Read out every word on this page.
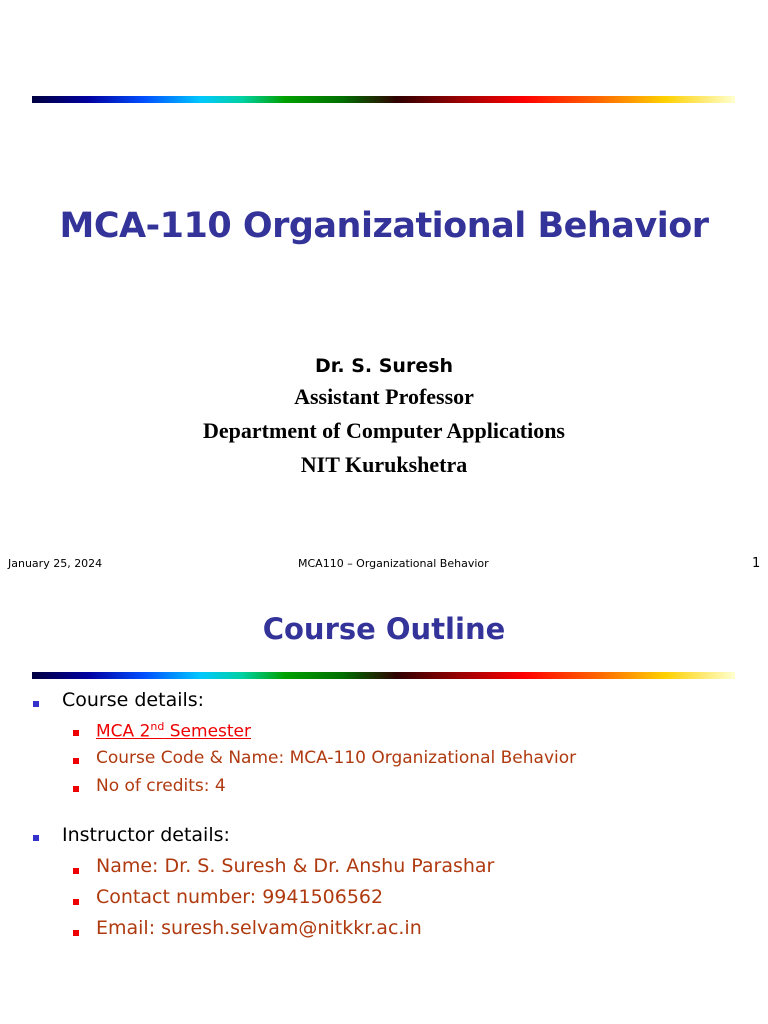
MCA-110 Organizational Behavior

Dr. S. Suresh

Assistant Professor

Department of Computer Applications

NIT Kurukshetra

January 25, 2024	MCA110 – Organizational Behavior	1
Course Outline
Course details:
MCA 2nd Semester
Course Code & Name: MCA-110 Organizational Behavior
No of credits: 4
Instructor details:
Name: Dr. S. Suresh & Dr. Anshu Parashar
Contact number: 9941506562
Email: suresh.selvam@nitkkr.ac.in
